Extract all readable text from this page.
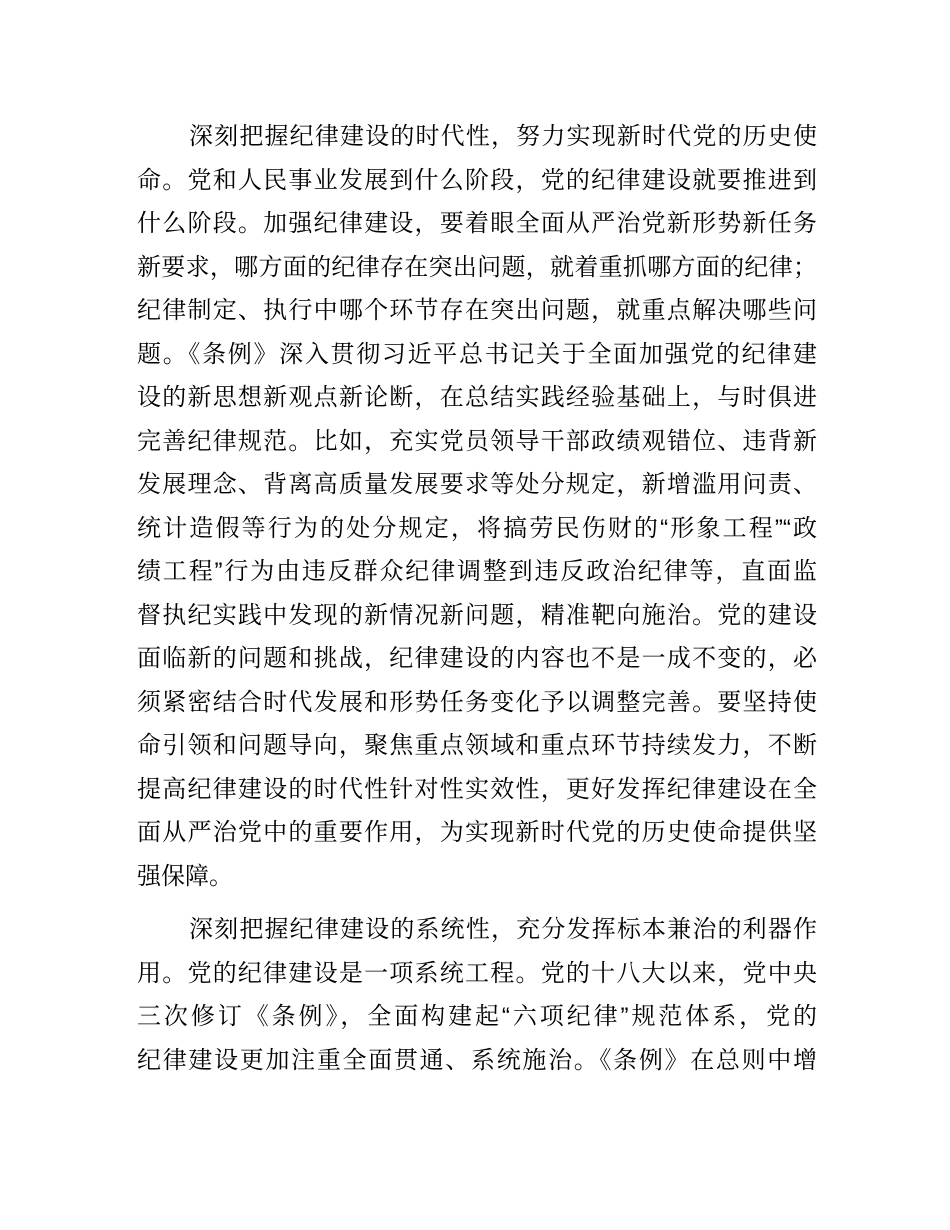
深刻把握纪律建设的时代性，努力实现新时代党的历史使
命。党和人民事业发展到什么阶段，党的纪律建设就要推进到
什么阶段。加强纪律建设，要着眼全面从严治党新形势新任务
新要求，哪方面的纪律存在突出问题，就着重抓哪方面的纪律；
纪律制定、执行中哪个环节存在突出问题，就重点解决哪些问
题。《条例》深入贯彻习近平总书记关于全面加强党的纪律建
设的新思想新观点新论断，在总结实践经验基础上，与时俱进
完善纪律规范。比如，充实党员领导干部政绩观错位、违背新
发展理念、背离高质量发展要求等处分规定，新增滥用问责、
统计造假等行为的处分规定，将搞劳民伤财的“形象工程”“政
绩工程”行为由违反群众纪律调整到违反政治纪律等，直面监
督执纪实践中发现的新情况新问题，精准靶向施治。党的建设
面临新的问题和挑战，纪律建设的内容也不是一成不变的，必
须紧密结合时代发展和形势任务变化予以调整完善。要坚持使
命引领和问题导向，聚焦重点领域和重点环节持续发力，不断
提高纪律建设的时代性针对性实效性，更好发挥纪律建设在全
面从严治党中的重要作用，为实现新时代党的历史使命提供坚
强保障。
深刻把握纪律建设的系统性，充分发挥标本兼治的利器作
用。党的纪律建设是一项系统工程。党的十八大以来，党中央
三次修订《条例》，全面构建起“六项纪律”规范体系，党的
纪律建设更加注重全面贯通、系统施治。《条例》在总则中增
